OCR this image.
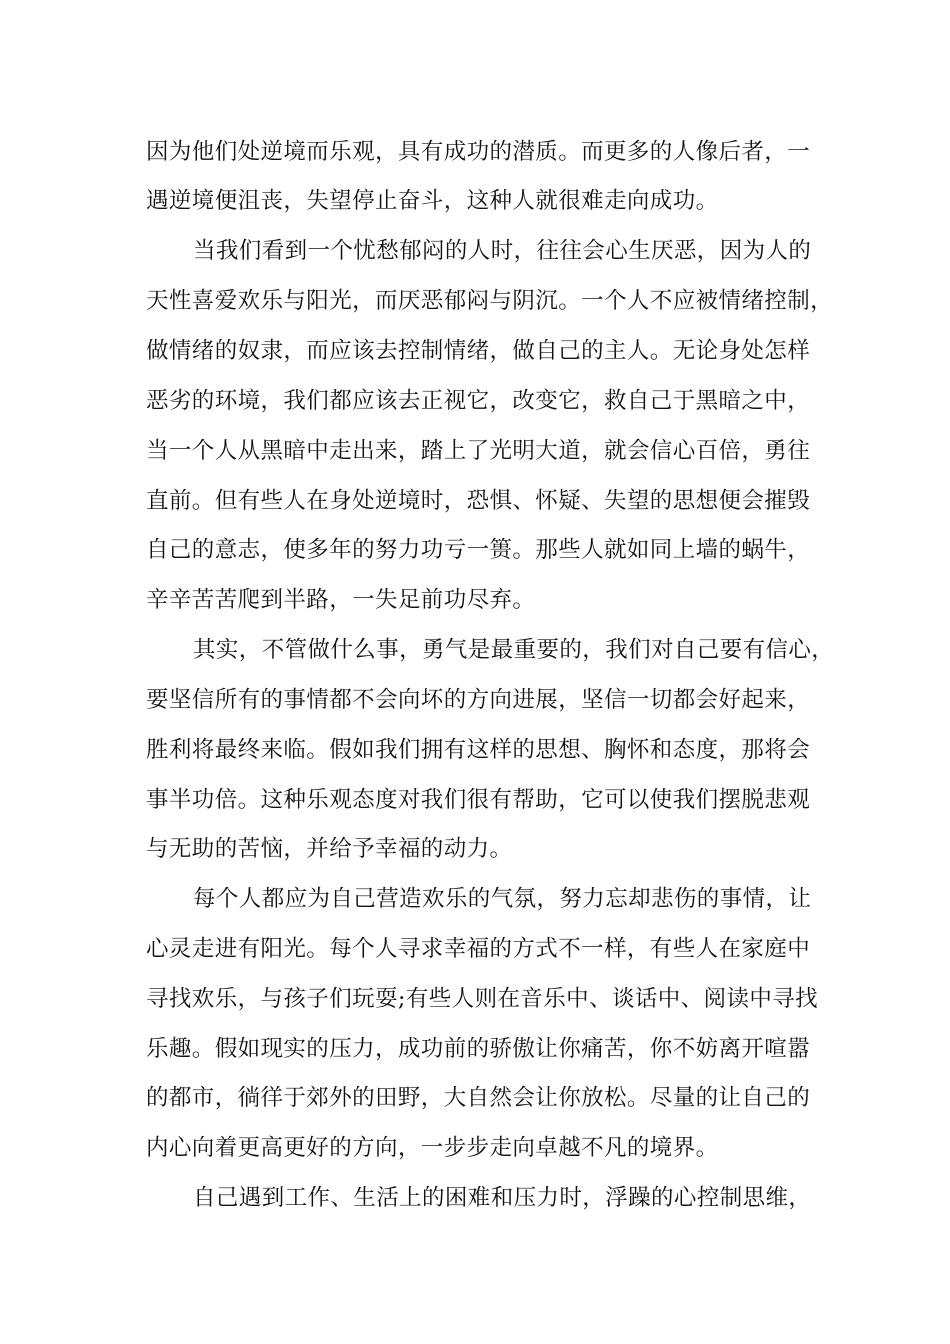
因为他们处逆境而乐观，具有成功的潜质。而更多的人像后者，一
遇逆境便沮丧，失望停止奋斗，这种人就很难走向成功。
当我们看到一个忧愁郁闷的人时，往往会心生厌恶，因为人的
天性喜爱欢乐与阳光，而厌恶郁闷与阴沉。一个人不应被情绪控制，
做情绪的奴隶，而应该去控制情绪，做自己的主人。无论身处怎样
恶劣的环境，我们都应该去正视它，改变它，救自己于黑暗之中，
当一个人从黑暗中走出来，踏上了光明大道，就会信心百倍，勇往
直前。但有些人在身处逆境时，恐惧、怀疑、失望的思想便会摧毁
自己的意志，使多年的努力功亏一篑。那些人就如同上墙的蜗牛，
辛辛苦苦爬到半路，一失足前功尽弃。
其实，不管做什么事，勇气是最重要的，我们对自己要有信心，
要坚信所有的事情都不会向坏的方向进展，坚信一切都会好起来，
胜利将最终来临。假如我们拥有这样的思想、胸怀和态度，那将会
事半功倍。这种乐观态度对我们很有帮助，它可以使我们摆脱悲观
与无助的苦恼，并给予幸福的动力。
每个人都应为自己营造欢乐的气氛，努力忘却悲伤的事情，让
心灵走进有阳光。每个人寻求幸福的方式不一样，有些人在家庭中
寻找欢乐，与孩子们玩耍;有些人则在音乐中、谈话中、阅读中寻找
乐趣。假如现实的压力，成功前的骄傲让你痛苦，你不妨离开喧嚣
的都市，徜徉于郊外的田野，大自然会让你放松。尽量的让自己的
内心向着更高更好的方向，一步步走向卓越不凡的境界。
自己遇到工作、生活上的困难和压力时，浮躁的心控制思维，
